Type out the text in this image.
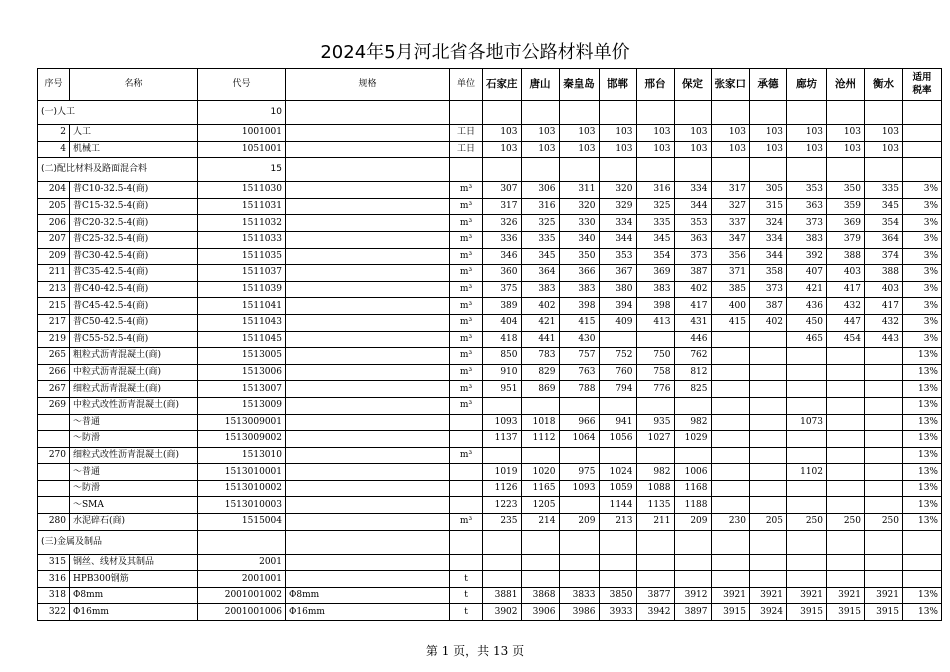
2024年5月河北省各地市公路材料单价
序号	名称	代号	规格	单位	石家庄	唐山	秦皇岛	邯郸	邢台	保定	张家口	承德	廊坊	沧州	衡水	适用
税率
(一)人工		10														
2	人工	1001001		工日	103	103	103	103	103	103	103	103	103	103	103	
4	机械工	1051001		工日	103	103	103	103	103	103	103	103	103	103	103	
(二)配比材料及路面混合料		15														
204	普C10-32.5-4(商)	1511030		m³	307	306	311	320	316	334	317	305	353	350	335	3%
205	普C15-32.5-4(商)	1511031		m³	317	316	320	329	325	344	327	315	363	359	345	3%
206	普C20-32.5-4(商)	1511032		m³	326	325	330	334	335	353	337	324	373	369	354	3%
207	普C25-32.5-4(商)	1511033		m³	336	335	340	344	345	363	347	334	383	379	364	3%
209	普C30-42.5-4(商)	1511035		m³	346	345	350	353	354	373	356	344	392	388	374	3%
211	普C35-42.5-4(商)	1511037		m³	360	364	366	367	369	387	371	358	407	403	388	3%
213	普C40-42.5-4(商)	1511039		m³	375	383	383	380	383	402	385	373	421	417	403	3%
215	普C45-42.5-4(商)	1511041		m³	389	402	398	394	398	417	400	387	436	432	417	3%
217	普C50-42.5-4(商)	1511043		m³	404	421	415	409	413	431	415	402	450	447	432	3%
219	普C55-52.5-4(商)	1511045		m³	418	441	430			446			465	454	443	3%
265	粗粒式沥青混凝土(商)	1513005		m³	850	783	757	752	750	762						13%
266	中粒式沥青混凝土(商)	1513006		m³	910	829	763	760	758	812						13%
267	细粒式沥青混凝土(商)	1513007		m³	951	869	788	794	776	825						13%
269	中粒式改性沥青混凝土(商)	1513009		m³												13%
	～普通	1513009001			1093	1018	966	941	935	982			1073			13%
	～防滑	1513009002			1137	1112	1064	1056	1027	1029						13%
270	细粒式改性沥青混凝土(商)	1513010		m³												13%
	～普通	1513010001			1019	1020	975	1024	982	1006			1102			13%
	～防滑	1513010002			1126	1165	1093	1059	1088	1168						13%
	～SMA	1513010003			1223	1205		1144	1135	1188						13%
280	水泥碎石(商)	1515004		m³	235	214	209	213	211	209	230	205	250	250	250	13%
(三)金属及制品																
315	钢丝、线材及其制品	2001														
316	HPB300钢筋	2001001		t												
318	Φ8mm	2001001002	Φ8mm	t	3881	3868	3833	3850	3877	3912	3921	3921	3921	3921	3921	13%
322	Φ16mm	2001001006	Φ16mm	t	3902	3906	3986	3933	3942	3897	3915	3924	3915	3915	3915	13%
第 1 页，共 13 页
